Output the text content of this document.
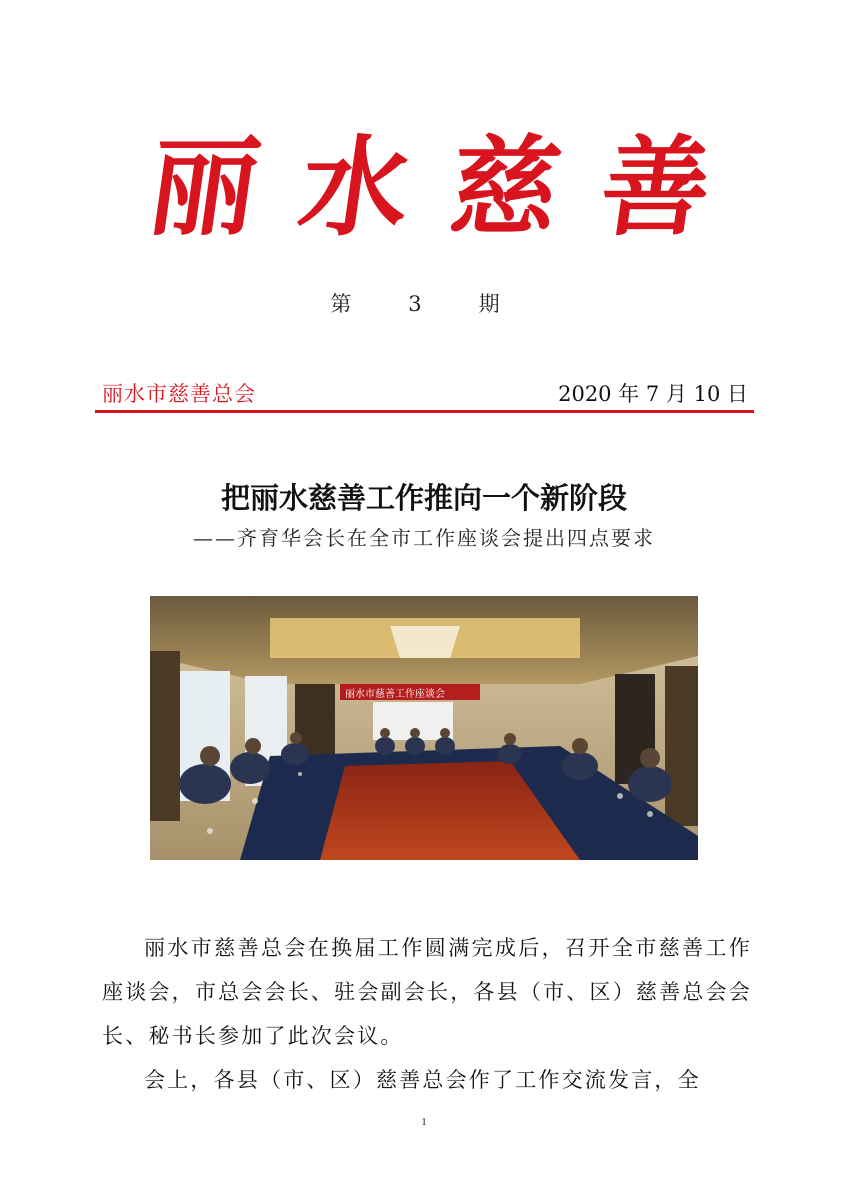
丽 水 慈 善
第　3　期
丽水市慈善总会	2020 年 7 月 10 日
把丽水慈善工作推向一个新阶段
——齐育华会长在全市工作座谈会提出四点要求
丽水市慈善工作座谈会

丽水市慈善总会在换届工作圆满完成后，召开全市慈善工作座谈会，市总会会长、驻会副会长，各县（市、区）慈善总会会长、秘书长参加了此次会议。

会上，各县（市、区）慈善总会作了工作交流发言，全

1
